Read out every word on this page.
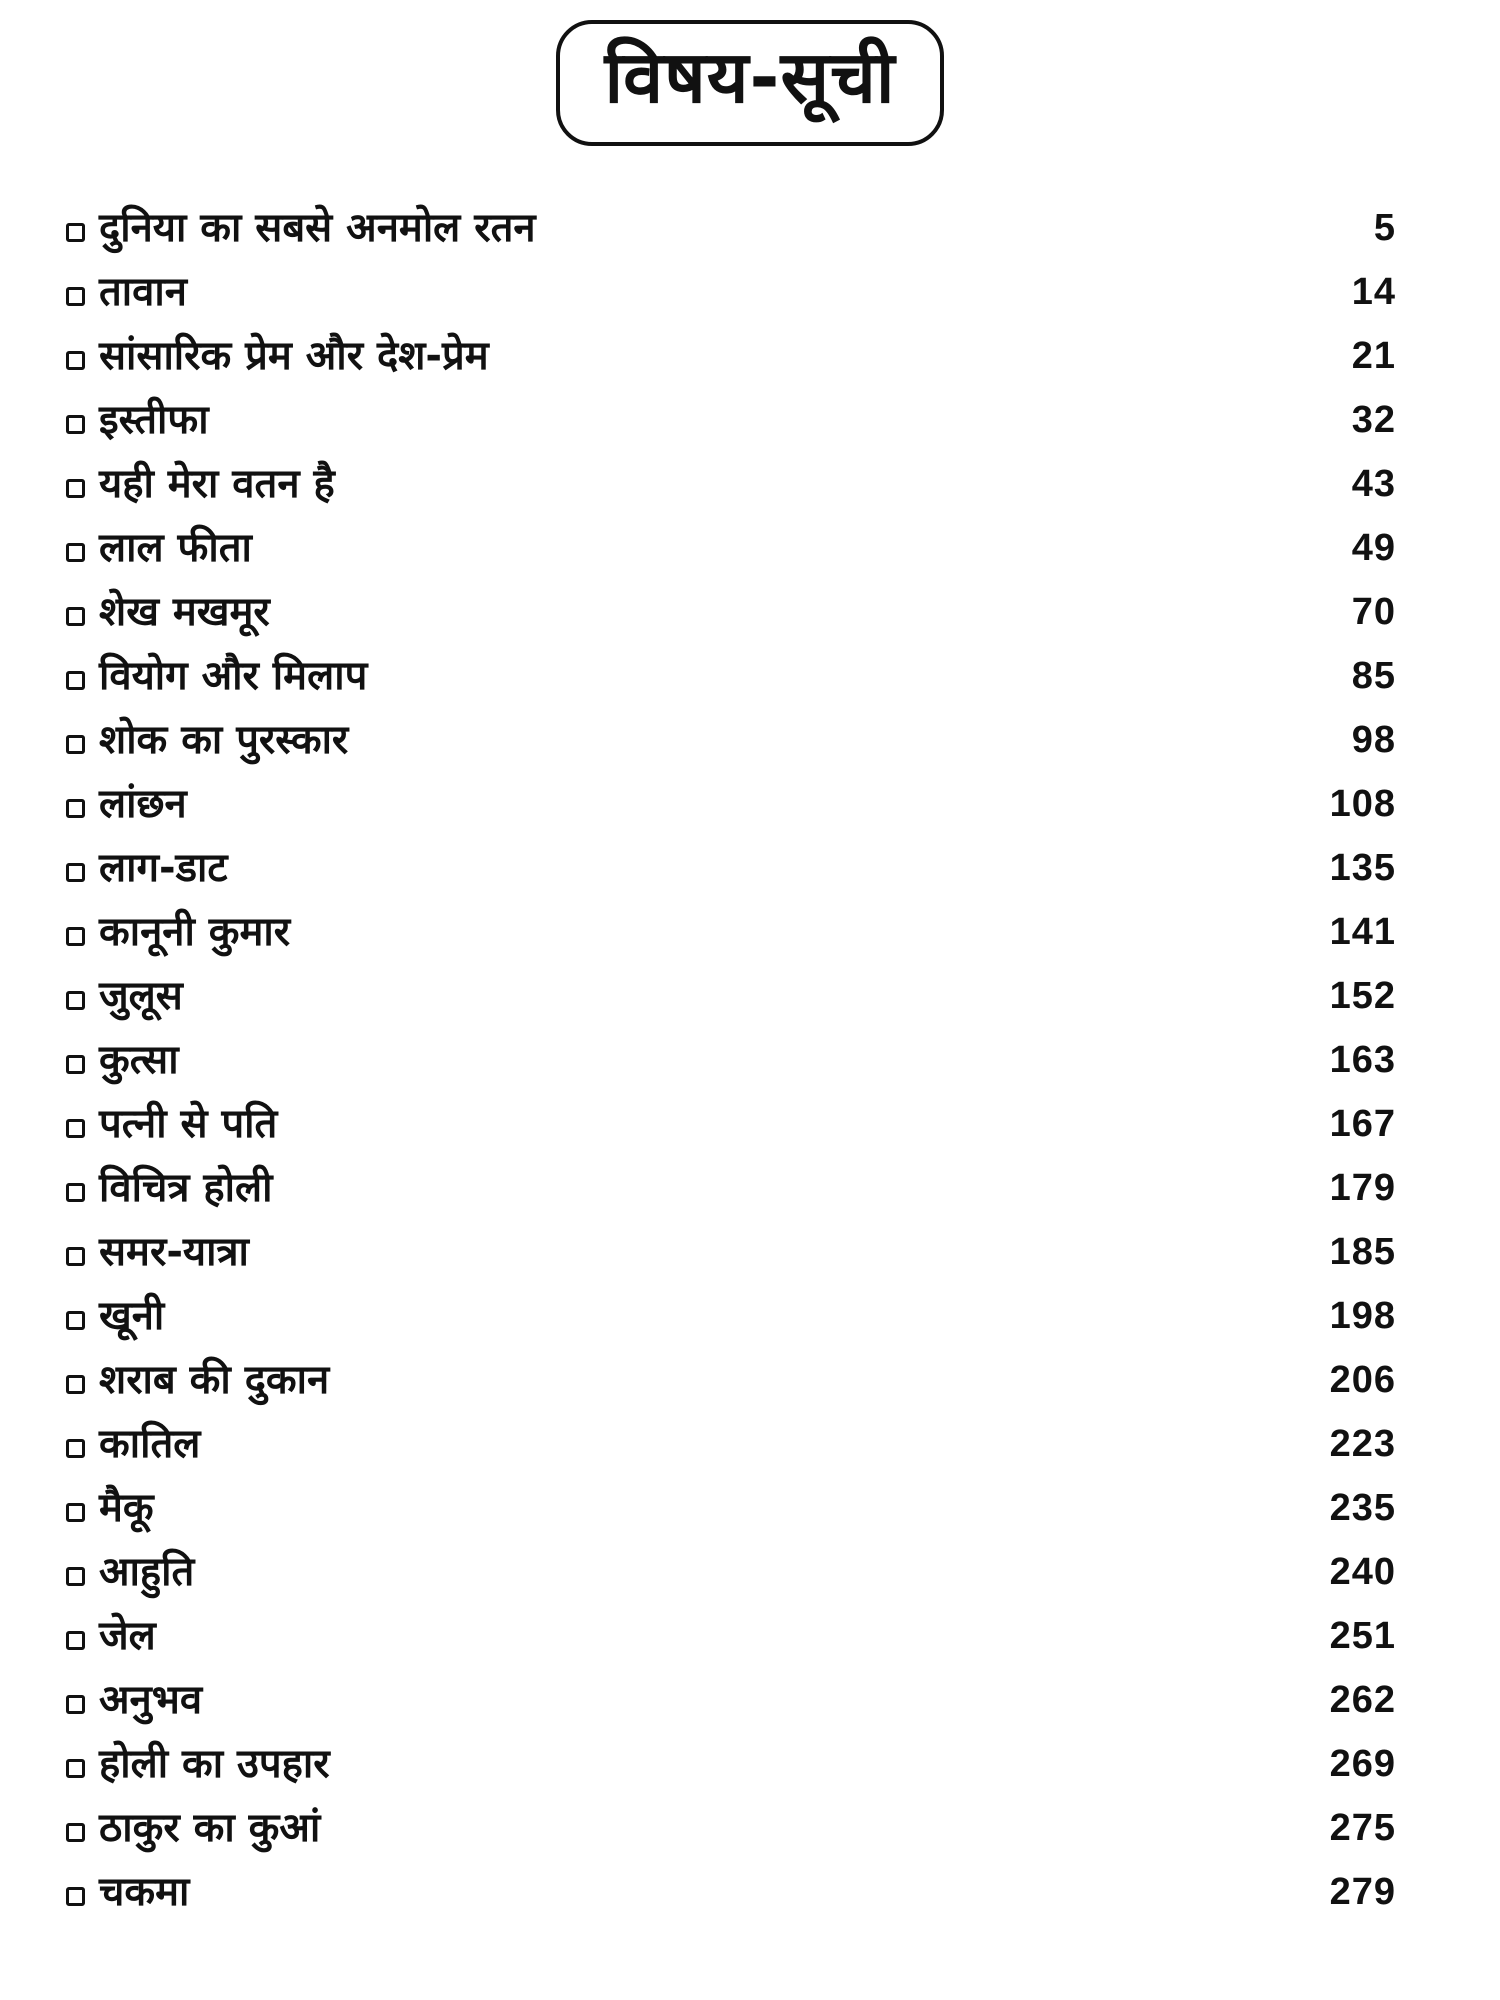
विषय-सूची
दुनिया का सबसे अनमोल रतन	5
तावान	14
सांसारिक प्रेम और देश-प्रेम	21
इस्तीफा	32
यही मेरा वतन है	43
लाल फीता	49
शेख मखमूर	70
वियोग और मिलाप	85
शोक का पुरस्कार	98
लांछन	108
लाग-डाट	135
कानूनी कुमार	141
जुलूस	152
कुत्सा	163
पत्नी से पति	167
विचित्र होली	179
समर-यात्रा	185
खूनी	198
शराब की दुकान	206
कातिल	223
मैकू	235
आहुति	240
जेल	251
अनुभव	262
होली का उपहार	269
ठाकुर का कुआं	275
चकमा	279
